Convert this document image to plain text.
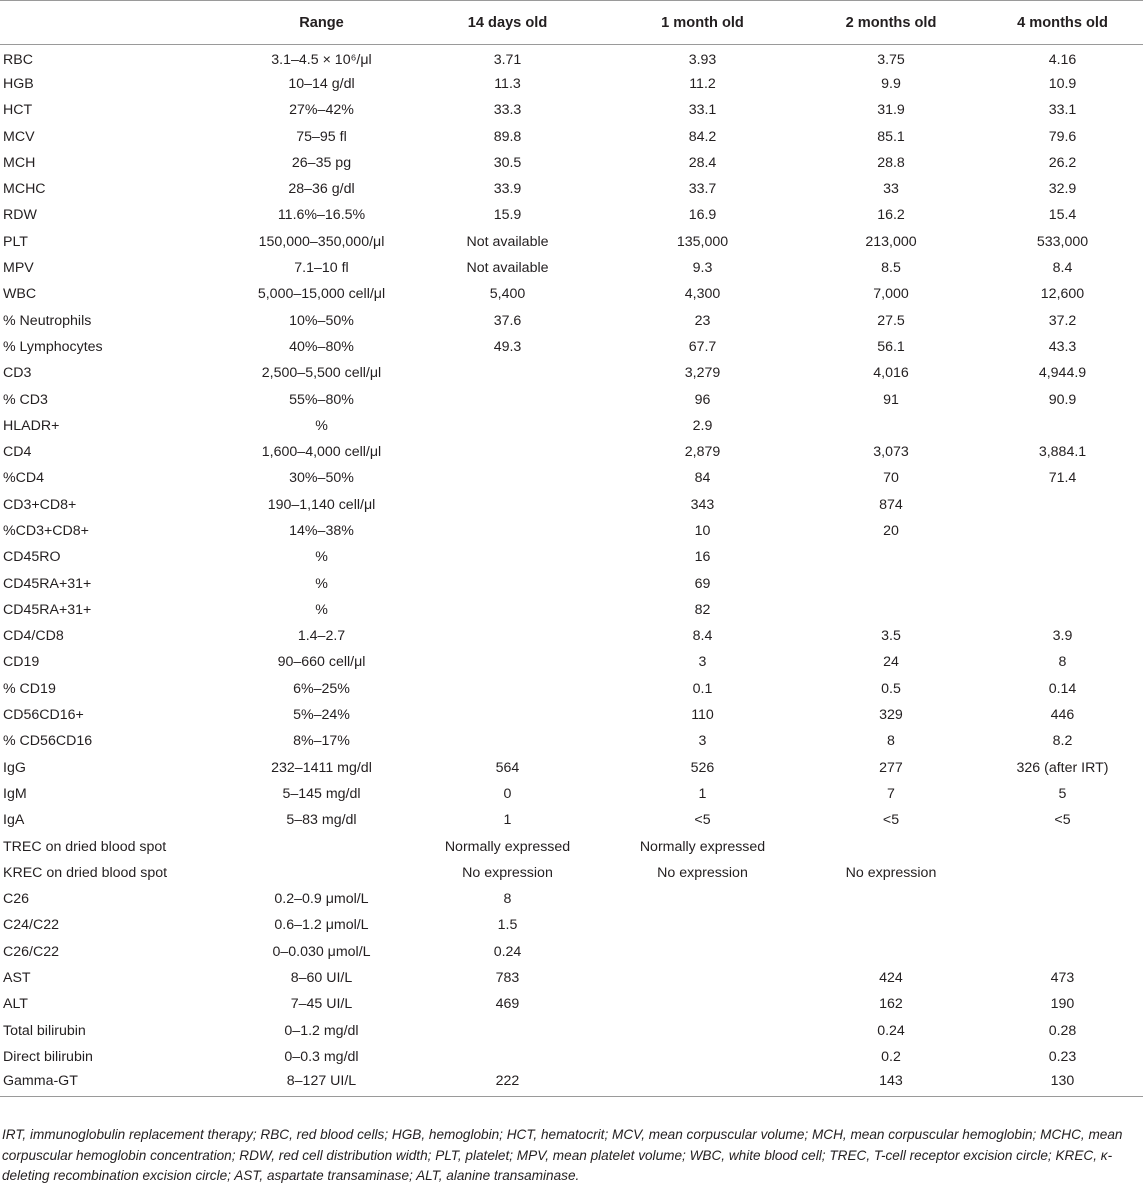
	Range	14 days old	1 month old	2 months old	4 months old
RBC	3.1–4.5 × 10⁶/μl	3.71	3.93	3.75	4.16
HGB	10–14 g/dl	11.3	11.2	9.9	10.9
HCT	27%–42%	33.3	33.1	31.9	33.1
MCV	75–95 fl	89.8	84.2	85.1	79.6
MCH	26–35 pg	30.5	28.4	28.8	26.2
MCHC	28–36 g/dl	33.9	33.7	33	32.9
RDW	11.6%–16.5%	15.9	16.9	16.2	15.4
PLT	150,000–350,000/μl	Not available	135,000	213,000	533,000
MPV	7.1–10 fl	Not available	9.3	8.5	8.4
WBC	5,000–15,000 cell/μl	5,400	4,300	7,000	12,600
% Neutrophils	10%–50%	37.6	23	27.5	37.2
% Lymphocytes	40%–80%	49.3	67.7	56.1	43.3
CD3	2,500–5,500 cell/μl		3,279	4,016	4,944.9
% CD3	55%–80%		96	91	90.9
HLADR+	%		2.9		
CD4	1,600–4,000 cell/μl		2,879	3,073	3,884.1
%CD4	30%–50%		84	70	71.4
CD3+CD8+	190–1,140 cell/μl		343	874	
%CD3+CD8+	14%–38%		10	20	
CD45RO	%		16		
CD45RA+31+	%		69		
CD45RA+31+	%		82		
CD4/CD8	1.4–2.7		8.4	3.5	3.9
CD19	90–660 cell/μl		3	24	8
% CD19	6%–25%		0.1	0.5	0.14
CD56CD16+	5%–24%		110	329	446
% CD56CD16	8%–17%		3	8	8.2
IgG	232–1411 mg/dl	564	526	277	326 (after IRT)
IgM	5–145 mg/dl	0	1	7	5
IgA	5–83 mg/dl	1	<5	<5	<5
TREC on dried blood spot		Normally expressed	Normally expressed		
KREC on dried blood spot		No expression	No expression	No expression	
C26	0.2–0.9 μmol/L	8			
C24/C22	0.6–1.2 μmol/L	1.5			
C26/C22	0–0.030 μmol/L	0.24			
AST	8–60 UI/L	783		424	473
ALT	7–45 UI/L	469		162	190
Total bilirubin	0–1.2 mg/dl			0.24	0.28
Direct bilirubin	0–0.3 mg/dl			0.2	0.23
Gamma-GT	8–127 UI/L	222		143	130
IRT, immunoglobulin replacement therapy; RBC, red blood cells; HGB, hemoglobin; HCT, hematocrit; MCV, mean corpuscular volume; MCH, mean corpuscular hemoglobin; MCHC, mean corpuscular hemoglobin concentration; RDW, red cell distribution width; PLT, platelet; MPV, mean platelet volume; WBC, white blood cell; TREC, T-cell receptor excision circle; KREC, κ-deleting recombination excision circle; AST, aspartate transaminase; ALT, alanine transaminase.
